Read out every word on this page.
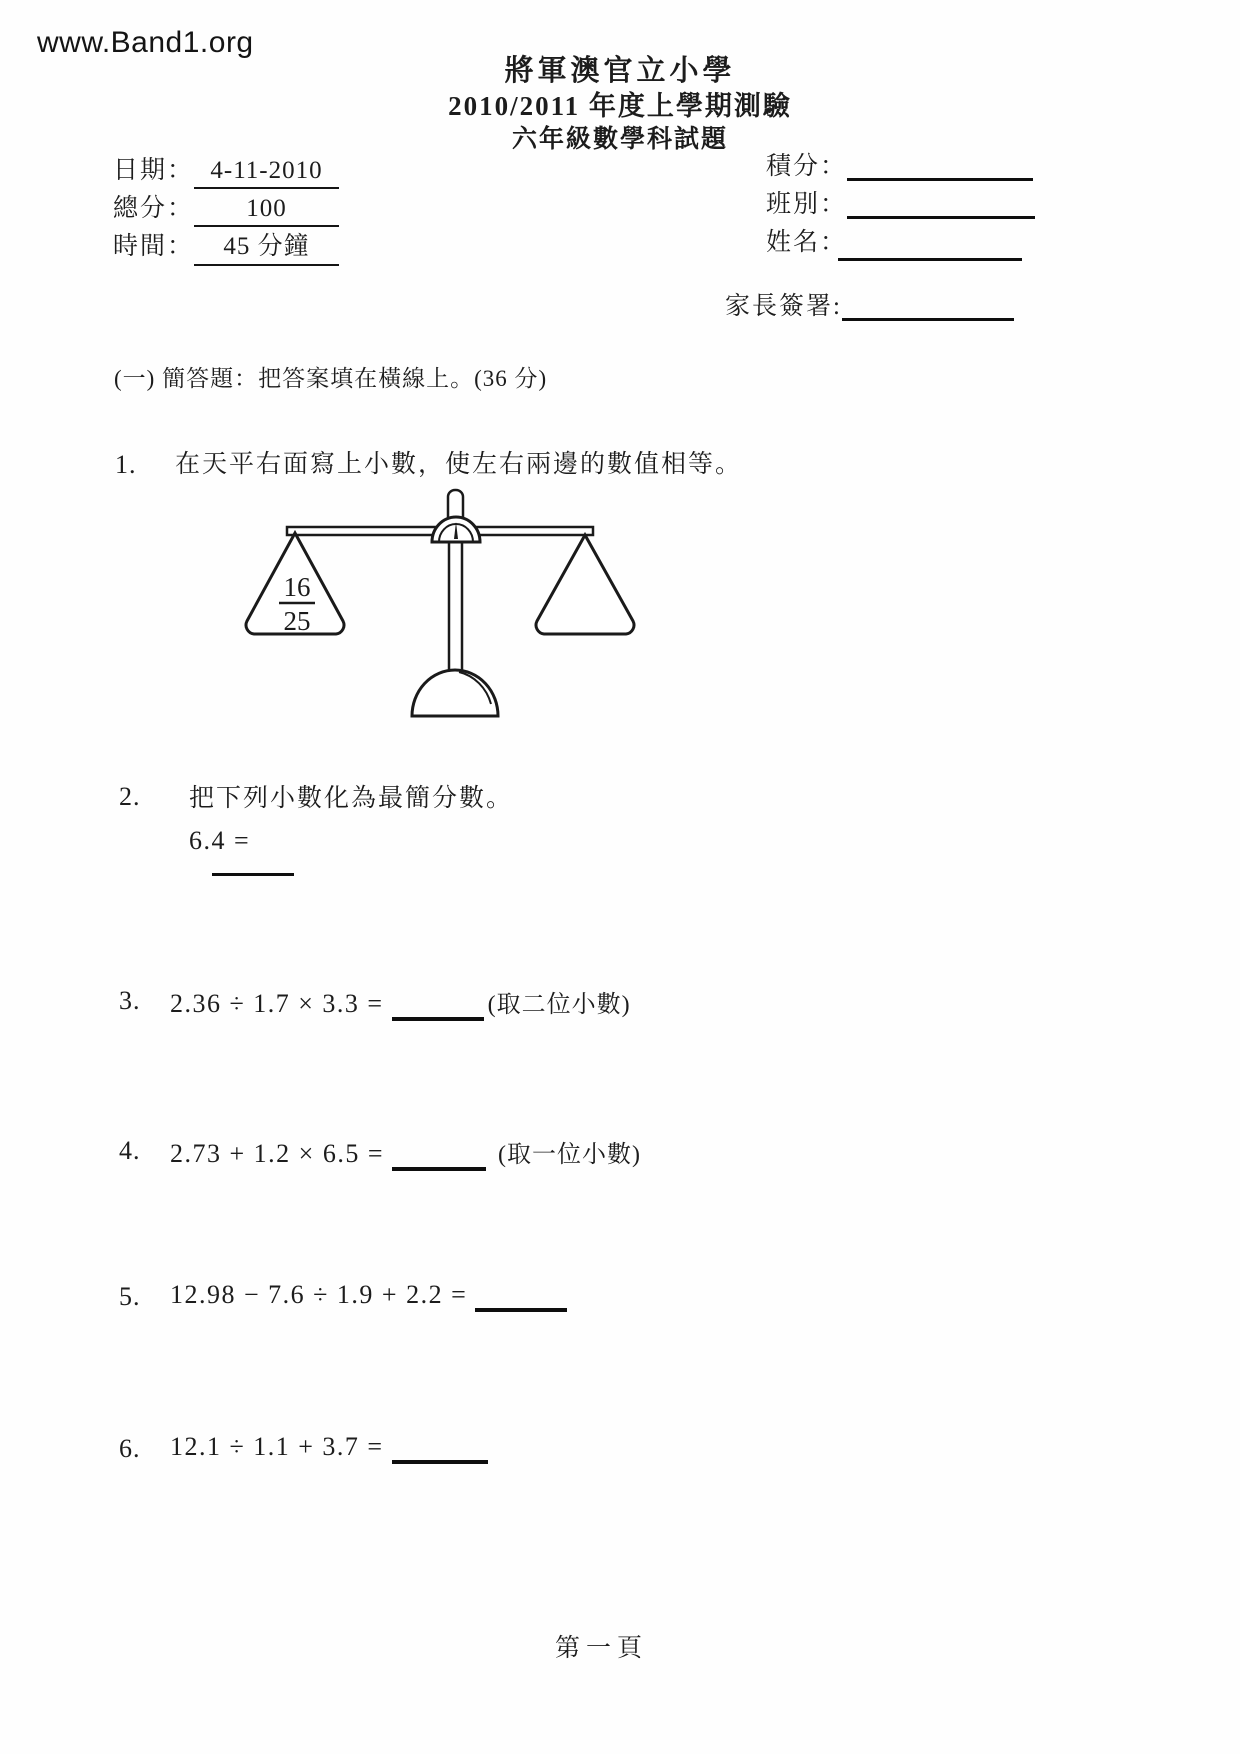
www.Band1.org
將軍澳官立小學
2010/2011 年度上學期測驗
六年級數學科試題
日期： 4-11-2010
總分： 100
時間： 45 分鐘
積分：
班別：
姓名：
家長簽署:
(一) 簡答題：把答案填在橫線上。(36 分)
1. 在天平右面寫上小數，使左右兩邊的數值相等。
16
25
2. 把下列小數化為最簡分數。
6.4 =
3. 2.36 ÷ 1.7 × 3.3 =	(取二位小數)
4. 2.73 + 1.2 × 6.5 =	(取一位小數)
5. 12.98 − 7.6 ÷ 1.9 + 2.2 =
6. 12.1 ÷ 1.1 + 3.7 =
第一頁
